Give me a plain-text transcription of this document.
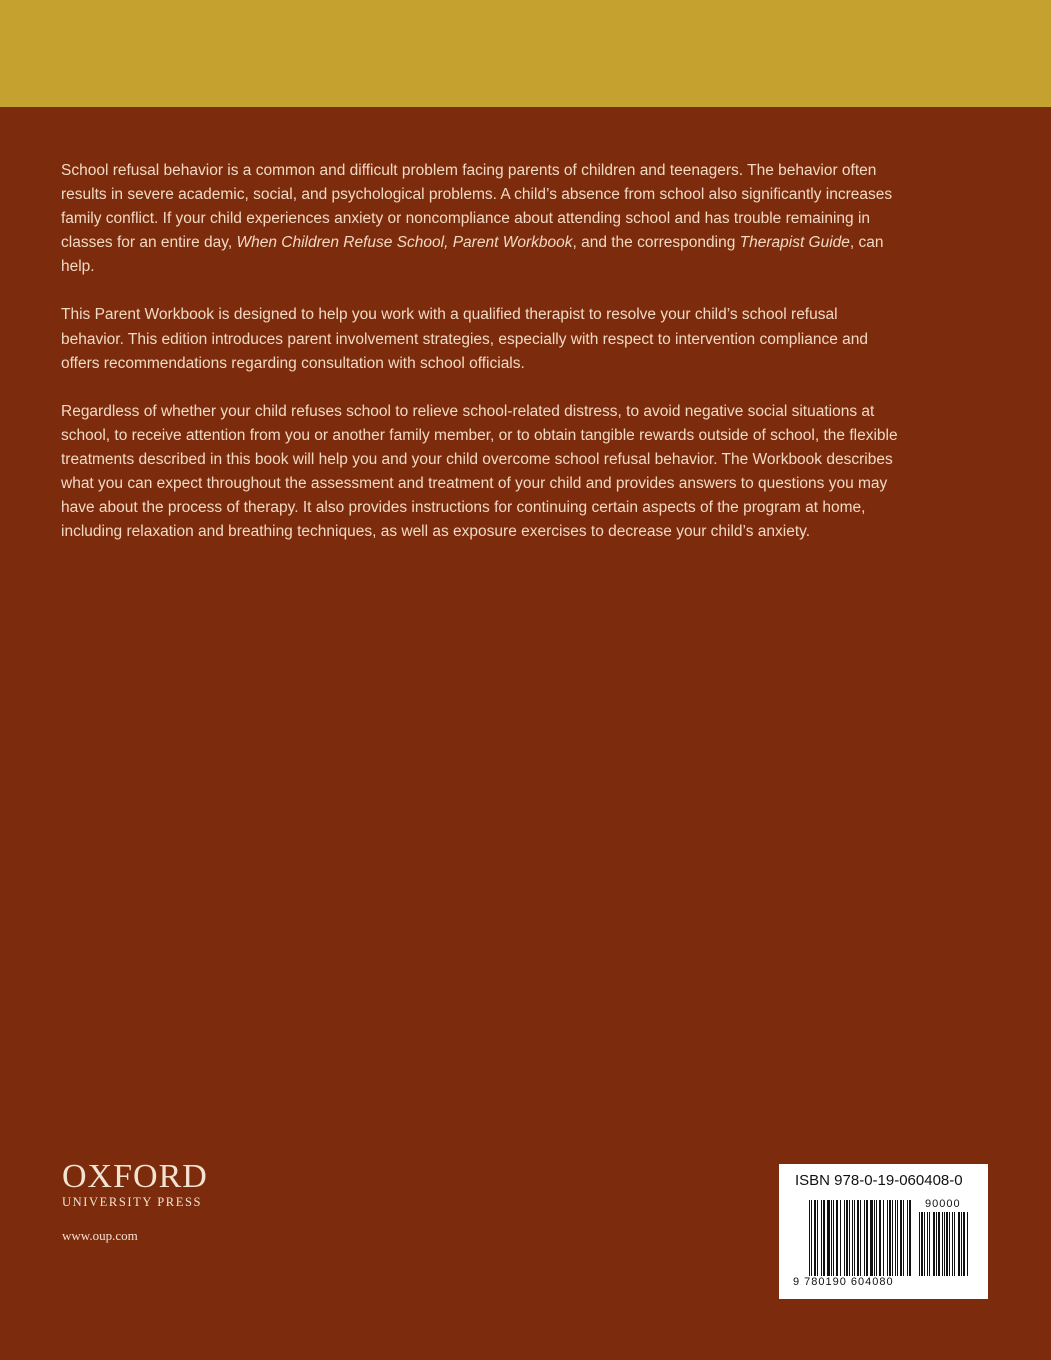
School refusal behavior is a common and difficult problem facing parents of children and teenagers. The behavior often results in severe academic, social, and psychological problems. A child’s absence from school also significantly increases family conflict. If your child experiences anxiety or noncompliance about attending school and has trouble remaining in classes for an entire day, When Children Refuse School, Parent Workbook, and the corresponding Therapist Guide, can help.

This Parent Workbook is designed to help you work with a qualified therapist to resolve your child’s school refusal behavior. This edition introduces parent involvement strategies, especially with respect to intervention compliance and offers recommendations regarding consultation with school officials.

Regardless of whether your child refuses school to relieve school-related distress, to avoid negative social situations at school, to receive attention from you or another family member, or to obtain tangible rewards outside of school, the flexible treatments described in this book will help you and your child overcome school refusal behavior. The Workbook describes what you can expect throughout the assessment and treatment of your child and provides answers to questions you may have about the process of therapy. It also provides instructions for continuing certain aspects of the program at home, including relaxation and breathing techniques, as well as exposure exercises to decrease your child’s anxiety.

OXFORD
UNIVERSITY PRESS
www.oup.com
ISBN 978-0-19-060408-0
90000
9 780190 604080
